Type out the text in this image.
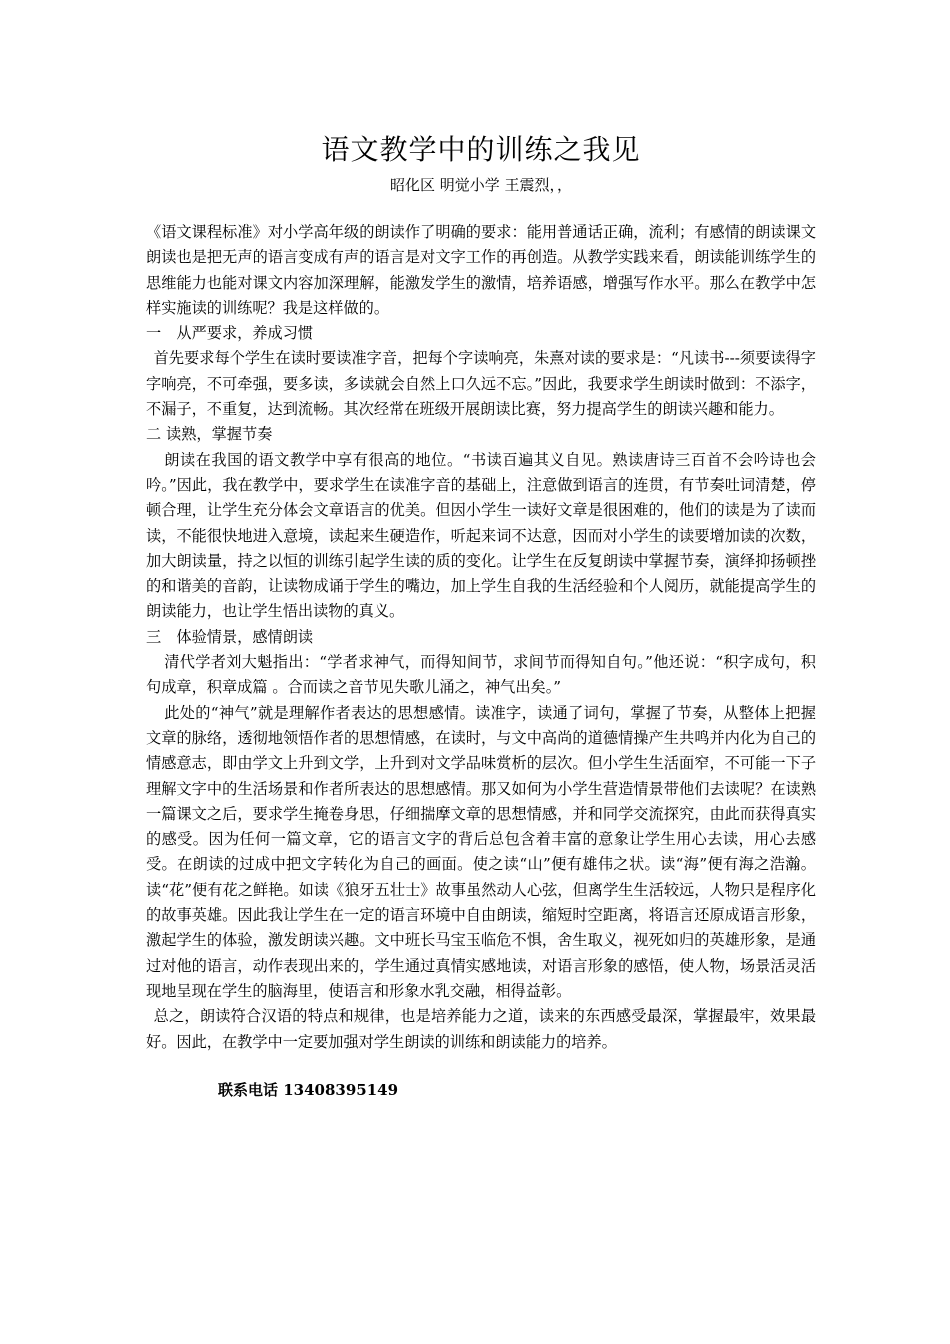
语文教学中的训练之我见
昭化区 明觉小学 王震烈，，

《语文课程标准》对小学高年级的朗读作了明确的要求：能用普通话正确，流利；有感情的朗读课文朗读也是把无声的语言变成有声的语言是对文字工作的再创造。从教学实践来看，朗读能训练学生的思维能力也能对课文内容加深理解，能激发学生的激情，培养语感，增强写作水平。那么在教学中怎样实施读的训练呢？我是这样做的。

一　从严要求，养成习惯

首先要求每个学生在读时要读准字音，把每个字读响亮，朱熹对读的要求是：“凡读书---须要读得字字响亮，不可牵强，要多读，多读就会自然上口久远不忘。”因此，我要求学生朗读时做到：不添字，不漏子，不重复，达到流畅。其次经常在班级开展朗读比赛，努力提高学生的朗读兴趣和能力。

二 读熟，掌握节奏

朗读在我国的语文教学中享有很高的地位。“书读百遍其义自见。熟读唐诗三百首不会吟诗也会吟。”因此，我在教学中，要求学生在读准字音的基础上，注意做到语言的连贯，有节奏吐词清楚，停顿合理，让学生充分体会文章语言的优美。但因小学生一读好文章是很困难的，他们的读是为了读而读，不能很快地进入意境，读起来生硬造作，听起来词不达意，因而对小学生的读要增加读的次数，加大朗读量，持之以恒的训练引起学生读的质的变化。让学生在反复朗读中掌握节奏，演绎抑扬顿挫的和谐美的音韵，让读物成诵于学生的嘴边，加上学生自我的生活经验和个人阅历，就能提高学生的朗读能力，也让学生悟出读物的真义。

三　体验情景，感情朗读

清代学者刘大魁指出：“学者求神气，而得知间节，求间节而得知自句。”他还说：“积字成句，积句成章，积章成篇 。合而读之音节见失歌儿涌之，神气出矣。”

此处的“神气”就是理解作者表达的思想感情。读准字，读通了词句，掌握了节奏，从整体上把握文章的脉络，透彻地领悟作者的思想情感，在读时，与文中高尚的道德情操产生共鸣并内化为自己的情感意志，即由学文上升到文学，上升到对文学品味赏析的层次。但小学生生活面窄，不可能一下子理解文字中的生活场景和作者所表达的思想感情。那又如何为小学生营造情景带他们去读呢？在读熟一篇课文之后，要求学生掩卷身思，仔细揣摩文章的思想情感，并和同学交流探究，由此而获得真实的感受。因为任何一篇文章，它的语言文字的背后总包含着丰富的意象让学生用心去读，用心去感受。在朗读的过成中把文字转化为自己的画面。使之读“山”便有雄伟之状。读“海”便有海之浩瀚。读“花”便有花之鲜艳。如读《狼牙五壮士》故事虽然动人心弦，但离学生生活较远，人物只是程序化的故事英雄。因此我让学生在一定的语言环境中自由朗读，缩短时空距离，将语言还原成语言形象，激起学生的体验，激发朗读兴趣。文中班长马宝玉临危不惧，舍生取义，视死如归的英雄形象，是通过对他的语言，动作表现出来的，学生通过真情实感地读，对语言形象的感悟，使人物，场景活灵活现地呈现在学生的脑海里，使语言和形象水乳交融，相得益彰。

总之，朗读符合汉语的特点和规律，也是培养能力之道，读来的东西感受最深，掌握最牢，效果最好。因此，在教学中一定要加强对学生朗读的训练和朗读能力的培养。

联系电话 13408395149
